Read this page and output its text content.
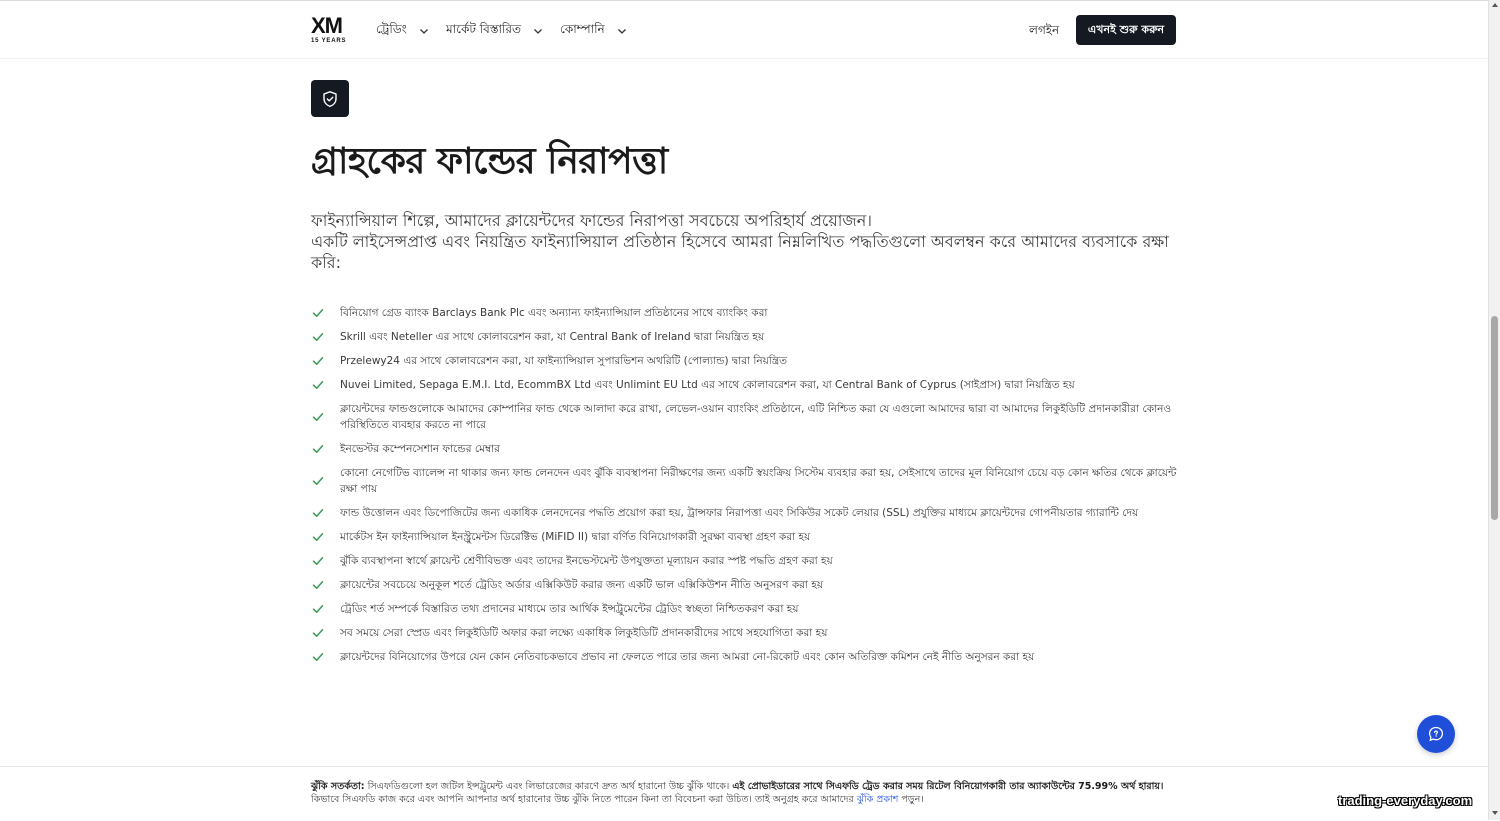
XM
15 YEARS
ট্রেডিং	মার্কেট বিস্তারিত	কোম্পানি	লগইন	এখনই শুরু করুন
গ্রাহকের ফান্ডের নিরাপত্তা

ফাইন্যান্সিয়াল শিল্পে, আমাদের ক্লায়েন্টদের ফান্ডের নিরাপত্তা সবচেয়ে অপরিহার্য প্রয়োজন।

একটি লাইসেন্সপ্রাপ্ত এবং নিয়ন্ত্রিত ফাইন্যান্সিয়াল প্রতিষ্ঠান হিসেবে আমরা নিম্নলিখিত পদ্ধতিগুলো অবলম্বন করে আমাদের ব্যবসাকে রক্ষা করি:

বিনিয়োগ গ্রেড ব্যাংক Barclays Bank Plc এবং অন্যান্য ফাইন্যান্সিয়াল প্রতিষ্ঠানের সাথে ব্যাংকিং করা
Skrill এবং Neteller এর সাথে কোলাবরেশন করা, যা Central Bank of Ireland দ্বারা নিয়ন্ত্রিত হয়
Przelewy24 এর সাথে কোলাবরেশন করা, যা ফাইন্যান্সিয়াল সুপারভিশন অথরিটি (পোল্যান্ড) দ্বারা নিয়ন্ত্রিত
Nuvei Limited, Sepaga E.M.I. Ltd, EcommBX Ltd এবং Unlimint EU Ltd এর সাথে কোলাবরেশন করা, যা Central Bank of Cyprus (সাইপ্রাস) দ্বারা নিয়ন্ত্রিত হয়
ক্লায়েন্টদের ফান্ডগুলোকে আমাদের কোম্পানির ফান্ড থেকে আলাদা করে রাখা, লেভেল-ওয়ান ব্যাংকিং প্রতিষ্ঠানে, এটি নিশ্চিত করা যে এগুলো আমাদের দ্বারা বা আমাদের লিকুইডিটি প্রদানকারীরা কোনও পরিস্থিতিতে ব্যবহার করতে না পারে
ইনভেস্টর কম্পেনসেশান ফান্ডের মেম্বার
কোনো নেগেটিভ ব্যালেন্স না থাকার জন্য ফান্ড লেনদেন এবং ঝুঁকি ব্যবস্থাপনা নিরীক্ষণের জন্য একটি স্বয়ংক্রিয় সিস্টেম ব্যবহার করা হয়, সেইসাথে তাদের মূল বিনিয়োগ চেয়ে বড় কোন ক্ষতির থেকে ক্লায়েন্ট রক্ষা পায়
ফান্ড উত্তোলন এবং ডিপোজিটের জন্য একাধিক লেনদেনের পদ্ধতি প্রয়োগ করা হয়, ট্রান্সফার নিরাপত্তা এবং সিকিউর সকেট লেয়ার (SSL) প্রযুক্তির মাধ্যমে ক্লায়েন্টদের গোপনীয়তার গ্যারান্টি দেয়
মার্কেটস ইন ফাইন্যান্সিয়াল ইনস্ট্রুমেন্টস ডিরেক্টিভ (MiFID II) দ্বারা বর্ণিত বিনিয়োগকারী সুরক্ষা ব্যবস্থা গ্রহণ করা হয়
ঝুঁকি ব্যবস্থাপনা স্বার্থে ক্লায়েন্ট শ্রেণীবিভক্ত এবং তাদের ইনভেস্টমেন্ট উপযুক্ততা মূল্যায়ন করার স্পষ্ট পদ্ধতি গ্রহণ করা হয়
ক্লায়েন্টের সবচেয়ে অনুকূল শর্তে ট্রেডিং অর্ডার এক্সিকিউট করার জন্য একটি ভাল এক্সিকিউশন নীতি অনুসরণ করা হয়
ট্রেডিং শর্ত সম্পর্কে বিস্তারিত তথ্য প্রদানের মাধ্যমে তার আর্থিক ইন্সট্রুমেন্টের ট্রেডিং স্বচ্ছতা নিশ্চিতকরণ করা হয়
সব সময়ে সেরা স্প্রেড এবং লিকুইডিটি অফার করা লক্ষ্যে একাধিক লিকুইডিটি প্রদানকারীদের সাথে সহযোগিতা করা হয়
ক্লায়েন্টদের বিনিয়োগের উপরে যেন কোন নেতিবাচকভাবে প্রভাব না ফেলতে পারে তার জন্য আমরা নো-রিকোট এবং কোন অতিরিক্ত কমিশন নেই নীতি অনুসরন করা হয়
ঝুঁকি সতর্কতা: সিএফডিগুলো হল জটিল ইন্সট্রুমেন্ট এবং লিভারেজের কারণে দ্রুত অর্থ হারানো উচ্চ ঝুঁকি থাকে। এই প্রোভাইডারের সাথে সিএফডি ট্রেড করার সময় রিটেল বিনিয়োগকারী তার অ্যাকাউন্টের 75.99% অর্থ হারায়। কিভাবে সিএফডি কাজ করে এবং আপনি আপনার অর্থ হারানোর উচ্চ ঝুঁকি নিতে পারেন কিনা তা বিবেচনা করা উচিত। তাই অনুগ্রহ করে আমাদের ঝুঁকি প্রকাশ পড়ুন।	trading-everyday.com
